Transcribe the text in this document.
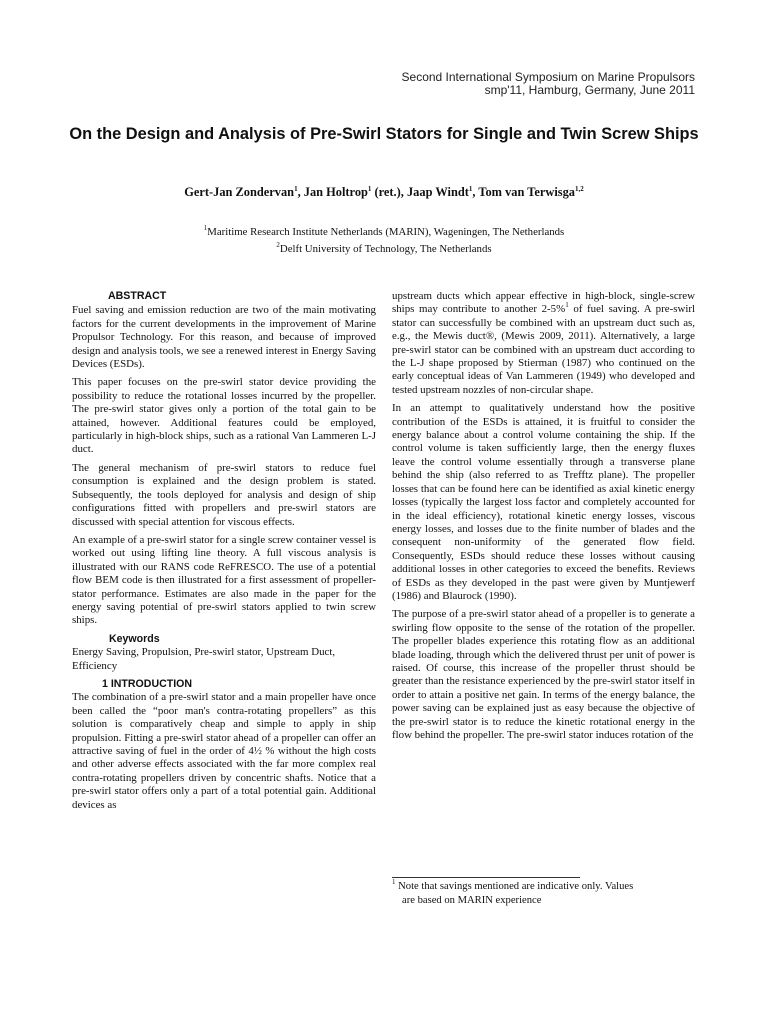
Second International Symposium on Marine Propulsors
smp'11, Hamburg, Germany, June 2011
On the Design and Analysis of Pre-Swirl Stators for Single and Twin Screw Ships
Gert-Jan Zondervan$^1$, Jan Holtrop$^1$ (ret.), Jaap Windt$^1$, Tom van Terwisga$^{1,2}$
$^1$Maritime Research Institute Netherlands (MARIN), Wageningen, The Netherlands
$^2$Delft University of Technology, The Netherlands
ABSTRACT

Fuel saving and emission reduction are two of the main motivating factors for the current developments in the improvement of Marine Propulsor Technology. For this reason, and because of improved design and analysis tools, we see a renewed interest in Energy Saving Devices (ESDs).

This paper focuses on the pre-swirl stator device providing the possibility to reduce the rotational losses incurred by the propeller. The pre-swirl stator gives only a portion of the total gain to be attained, however. Additional features could be employed, particularly in high-block ships, such as a rational Van Lammeren L-J duct.

The general mechanism of pre-swirl stators to reduce fuel consumption is explained and the design problem is stated. Subsequently, the tools deployed for analysis and design of ship configurations fitted with propellers and pre-swirl stators are discussed with special attention for viscous effects.

An example of a pre-swirl stator for a single screw container vessel is worked out using lifting line theory. A full viscous analysis is illustrated with our RANS code ReFRESCO. The use of a potential flow BEM code is then illustrated for a first assessment of propeller-stator performance. Estimates are also made in the paper for the energy saving potential of pre-swirl stators applied to twin screw ships.

Keywords

Energy Saving, Propulsion, Pre-swirl stator, Upstream Duct, Efficiency

1 INTRODUCTION

The combination of a pre-swirl stator and a main propeller have once been called the “poor man's contra-rotating propellers” as this solution is comparatively cheap and simple to apply in ship propulsion. Fitting a pre-swirl stator ahead of a propeller can offer an attractive saving of fuel in the order of 4½ % without the high costs and other adverse effects associated with the far more complex real contra-rotating propellers driven by concentric shafts. Notice that a pre-swirl stator offers only a part of a total potential gain. Additional devices as

upstream ducts which appear effective in high-block, single-screw ships may contribute to another 2-5%$^1$ of fuel saving. A pre-swirl stator can successfully be combined with an upstream duct such as, e.g., the Mewis duct®, (Mewis 2009, 2011). Alternatively, a large pre-swirl stator can be combined with an upstream duct according to the L-J shape proposed by Stierman (1987) who continued on the early conceptual ideas of Van Lammeren (1949) who developed and tested upstream nozzles of non-circular shape.

In an attempt to qualitatively understand how the positive contribution of the ESDs is attained, it is fruitful to consider the energy balance about a control volume containing the ship. If the control volume is taken sufficiently large, then the energy fluxes leave the control volume essentially through a transverse plane behind the ship (also referred to as Trefftz plane). The propeller losses that can be found here can be identified as axial kinetic energy losses (typically the largest loss factor and completely accounted for in the ideal efficiency), rotational kinetic energy losses, viscous energy losses, and losses due to the finite number of blades and the consequent non-uniformity of the generated flow field. Consequently, ESDs should reduce these losses without causing additional losses in other categories to exceed the benefits. Reviews of ESDs as they developed in the past were given by Muntjewerf (1986) and Blaurock (1990).

The purpose of a pre-swirl stator ahead of a propeller is to generate a swirling flow opposite to the sense of the rotation of the propeller. The propeller blades experience this rotating flow as an additional blade loading, through which the delivered thrust per unit of power is raised. Of course, this increase of the propeller thrust should be greater than the resistance experienced by the pre-swirl stator itself in order to attain a positive net gain. In terms of the energy balance, the power saving can be explained just as easy because the objective of the pre-swirl stator is to reduce the kinetic rotational energy in the flow behind the propeller. The pre-swirl stator induces rotation of the

$^1$ Note that savings mentioned are indicative only. Values
are based on MARIN experience
